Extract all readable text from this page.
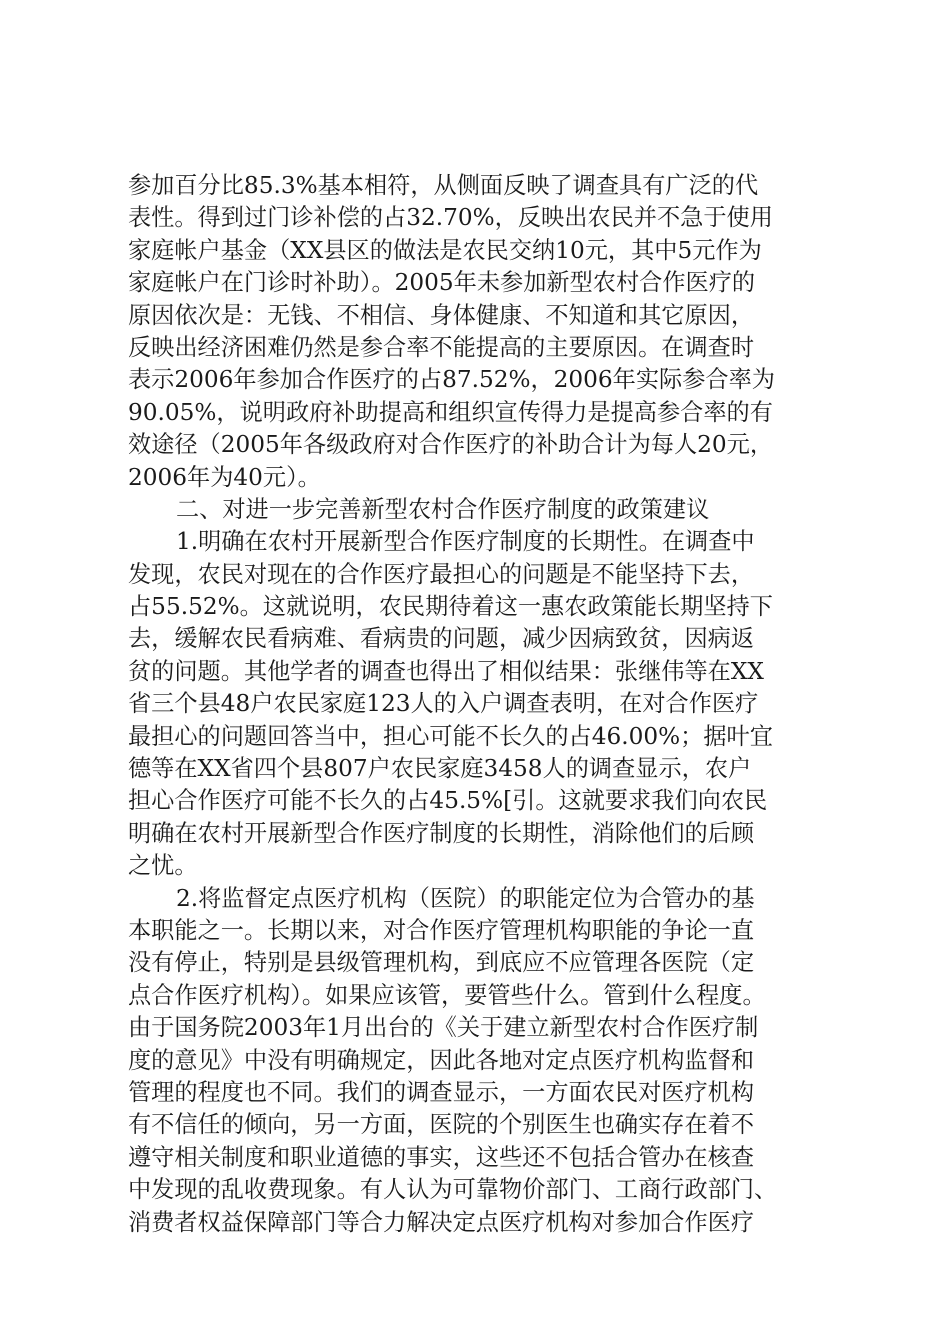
参加百分比85.3%基本相符，从侧面反映了调查具有广泛的代
表性。得到过门诊补偿的占32.70%，反映出农民并不急于使用
家庭帐户基金（XX县区的做法是农民交纳10元，其中5元作为
家庭帐户在门诊时补助）。2005年未参加新型农村合作医疗的
原因依次是：无钱、不相信、身体健康、不知道和其它原因，
反映出经济困难仍然是参合率不能提高的主要原因。在调查时
表示2006年参加合作医疗的占87.52%，2006年实际参合率为
90.05%，说明政府补助提高和组织宣传得力是提高参合率的有
效途径（2005年各级政府对合作医疗的补助合计为每人20元，
2006年为40元）。
二、对进一步完善新型农村合作医疗制度的政策建议
1.明确在农村开展新型合作医疗制度的长期性。在调查中
发现，农民对现在的合作医疗最担心的问题是不能坚持下去，
占55.52%。这就说明，农民期待着这一惠农政策能长期坚持下
去，缓解农民看病难、看病贵的问题，减少因病致贫，因病返
贫的问题。其他学者的调查也得出了相似结果：张继伟等在XX
省三个县48户农民家庭123人的入户调查表明，在对合作医疗
最担心的问题回答当中，担心可能不长久的占46.00%；据叶宜
德等在XX省四个县807户农民家庭3458人的调查显示，农户
担心合作医疗可能不长久的占45.5%[引。这就要求我们向农民
明确在农村开展新型合作医疗制度的长期性，消除他们的后顾
之忧。
2.将监督定点医疗机构（医院）的职能定位为合管办的基
本职能之一。长期以来，对合作医疗管理机构职能的争论一直
没有停止，特别是县级管理机构，到底应不应管理各医院（定
点合作医疗机构）。如果应该管，要管些什么。管到什么程度。
由于国务院2003年1月出台的《关于建立新型农村合作医疗制
度的意见》中没有明确规定，因此各地对定点医疗机构监督和
管理的程度也不同。我们的调查显示，一方面农民对医疗机构
有不信任的倾向，另一方面，医院的个别医生也确实存在着不
遵守相关制度和职业道德的事实，这些还不包括合管办在核查
中发现的乱收费现象。有人认为可靠物价部门、工商行政部门、
消费者权益保障部门等合力解决定点医疗机构对参加合作医疗
